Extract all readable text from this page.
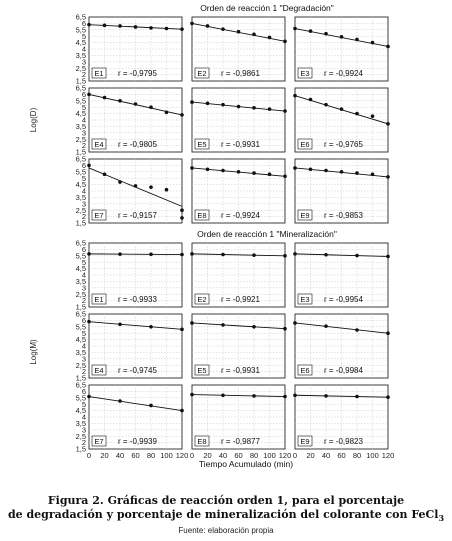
Orden de reacción 1 "Degradación"
Orden de reacción 1 "Mineralización"
Log(D)
Log(M)
Tiempo Acumulado (min)
E1 r = -0,9795
1,5
2
2,5
3
3,5
4
4,5
5
5,5
6
6,5
E2 r = -0,9861	E3 r = -0,9924
E4 r = -0,9805
1,5
2
2,5
3
3,5
4
4,5
5
5,5
6
6,5
E5 r = -0,9931	E6 r = -0,9765
E7 r = -0,9157
1,5
2
2,5
3
3,5
4
4,5
5
5,5
6
6,5
E8 r = -0,9924	E9 r = -0,9853
E1 r = -0,9933
1,5
2
2,5
3
3,5
4
4,5
5
5,5
6
6,5
E2 r = -0,9921	E3 r = -0,9954
E4 r = -0,9745
1,5
2
2,5
3
3,5
4
4,5
5
5,5
6
6,5
E5 r = -0,9931	E6 r = -0,9984
E7 r = -0,9939
1,5
2
2,5
3
3,5
4
4,5
5
5,5
6
6,5
0 20 40 60 80 100 120
E8 r = -0,9877
0 20 40 60 80 100 120
E9 r = -0,9823
0 20 40 60 80 100 120
Figura 2. Gráficas de reacción orden 1, para el porcentaje
de degradación y porcentaje de mineralización del colorante con FeCl$_3$
Fuente: elaboración propia
